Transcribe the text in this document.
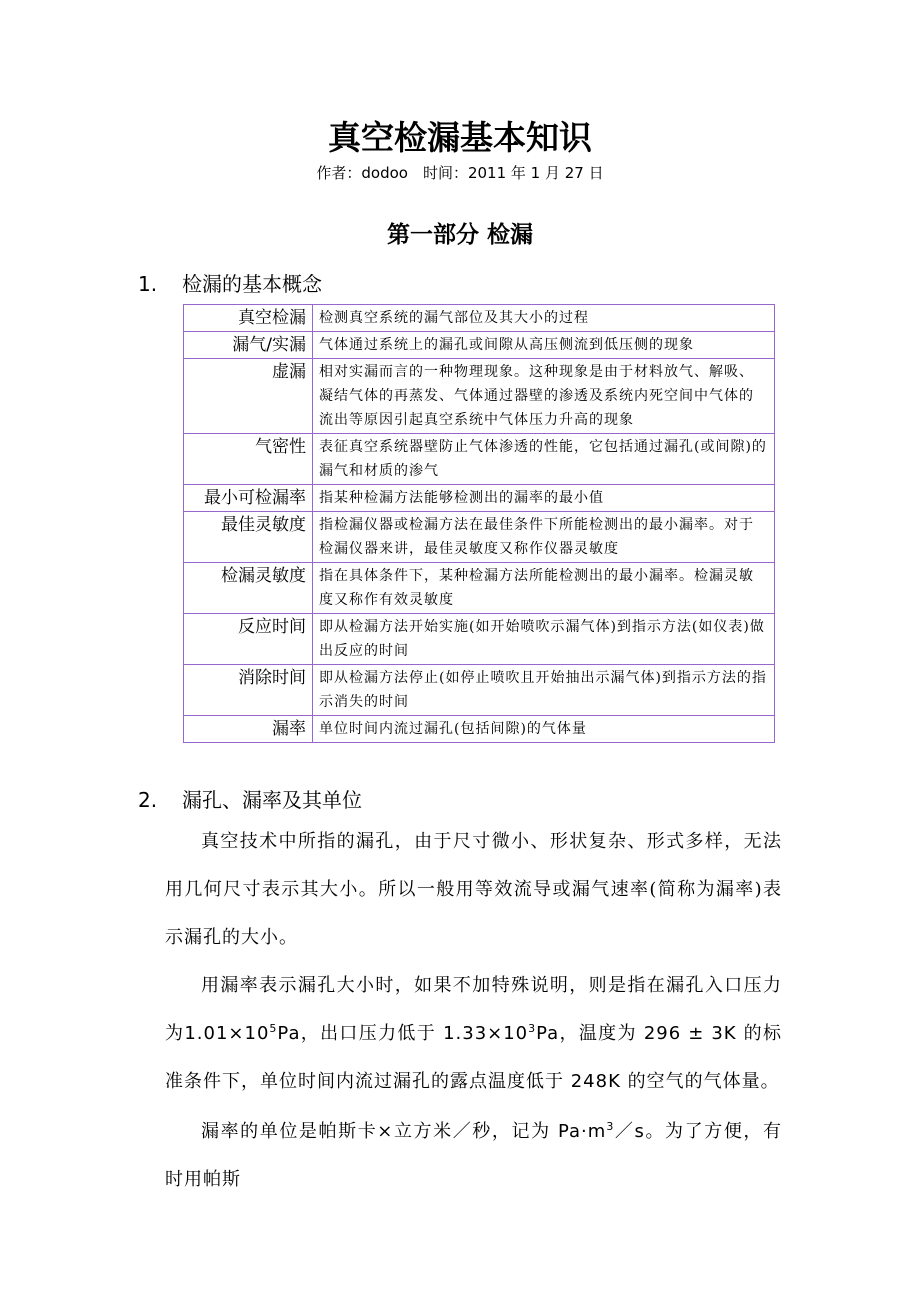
真空检漏基本知识
作者：dodoo　时间：2011 年 1 月 27 日
第一部分 检漏
1. 检漏的基本概念
真空检漏	检测真空系统的漏气部位及其大小的过程
漏气/实漏	气体通过系统上的漏孔或间隙从高压侧流到低压侧的现象
虚漏	相对实漏而言的一种物理现象。这种现象是由于材料放气、解吸、凝结气体的再蒸发、气体通过器壁的渗透及系统内死空间中气体的流出等原因引起真空系统中气体压力升高的现象
气密性	表征真空系统器壁防止气体渗透的性能，它包括通过漏孔(或间隙)的漏气和材质的渗气
最小可检漏率	指某种检漏方法能够检测出的漏率的最小值
最佳灵敏度	指检漏仪器或检漏方法在最佳条件下所能检测出的最小漏率。对于检漏仪器来讲，最佳灵敏度又称作仪器灵敏度
检漏灵敏度	指在具体条件下，某种检漏方法所能检测出的最小漏率。检漏灵敏度又称作有效灵敏度
反应时间	即从检漏方法开始实施(如开始喷吹示漏气体)到指示方法(如仪表)做出反应的时间
消除时间	即从检漏方法停止(如停止喷吹且开始抽出示漏气体)到指示方法的指示消失的时间
漏率	单位时间内流过漏孔(包括间隙)的气体量
2. 漏孔、漏率及其单位
真空技术中所指的漏孔，由于尺寸微小、形状复杂、形式多样，无法用几何尺寸表示其大小。所以一般用等效流导或漏气速率(简称为漏率)表示漏孔的大小。
用漏率表示漏孔大小时，如果不加特殊说明，则是指在漏孔入口压力为$1.01\times 10^5Pa$，出口压力低于 $1.33\times 10^3Pa$，温度为 296 ± 3K 的标准条件下，单位时间内流过漏孔的露点温度低于 248K 的空气的气体量。
漏率的单位是帕斯卡×立方米／秒，记为 $Pa\cdot m^3/s$。为了方便，有时用帕斯
